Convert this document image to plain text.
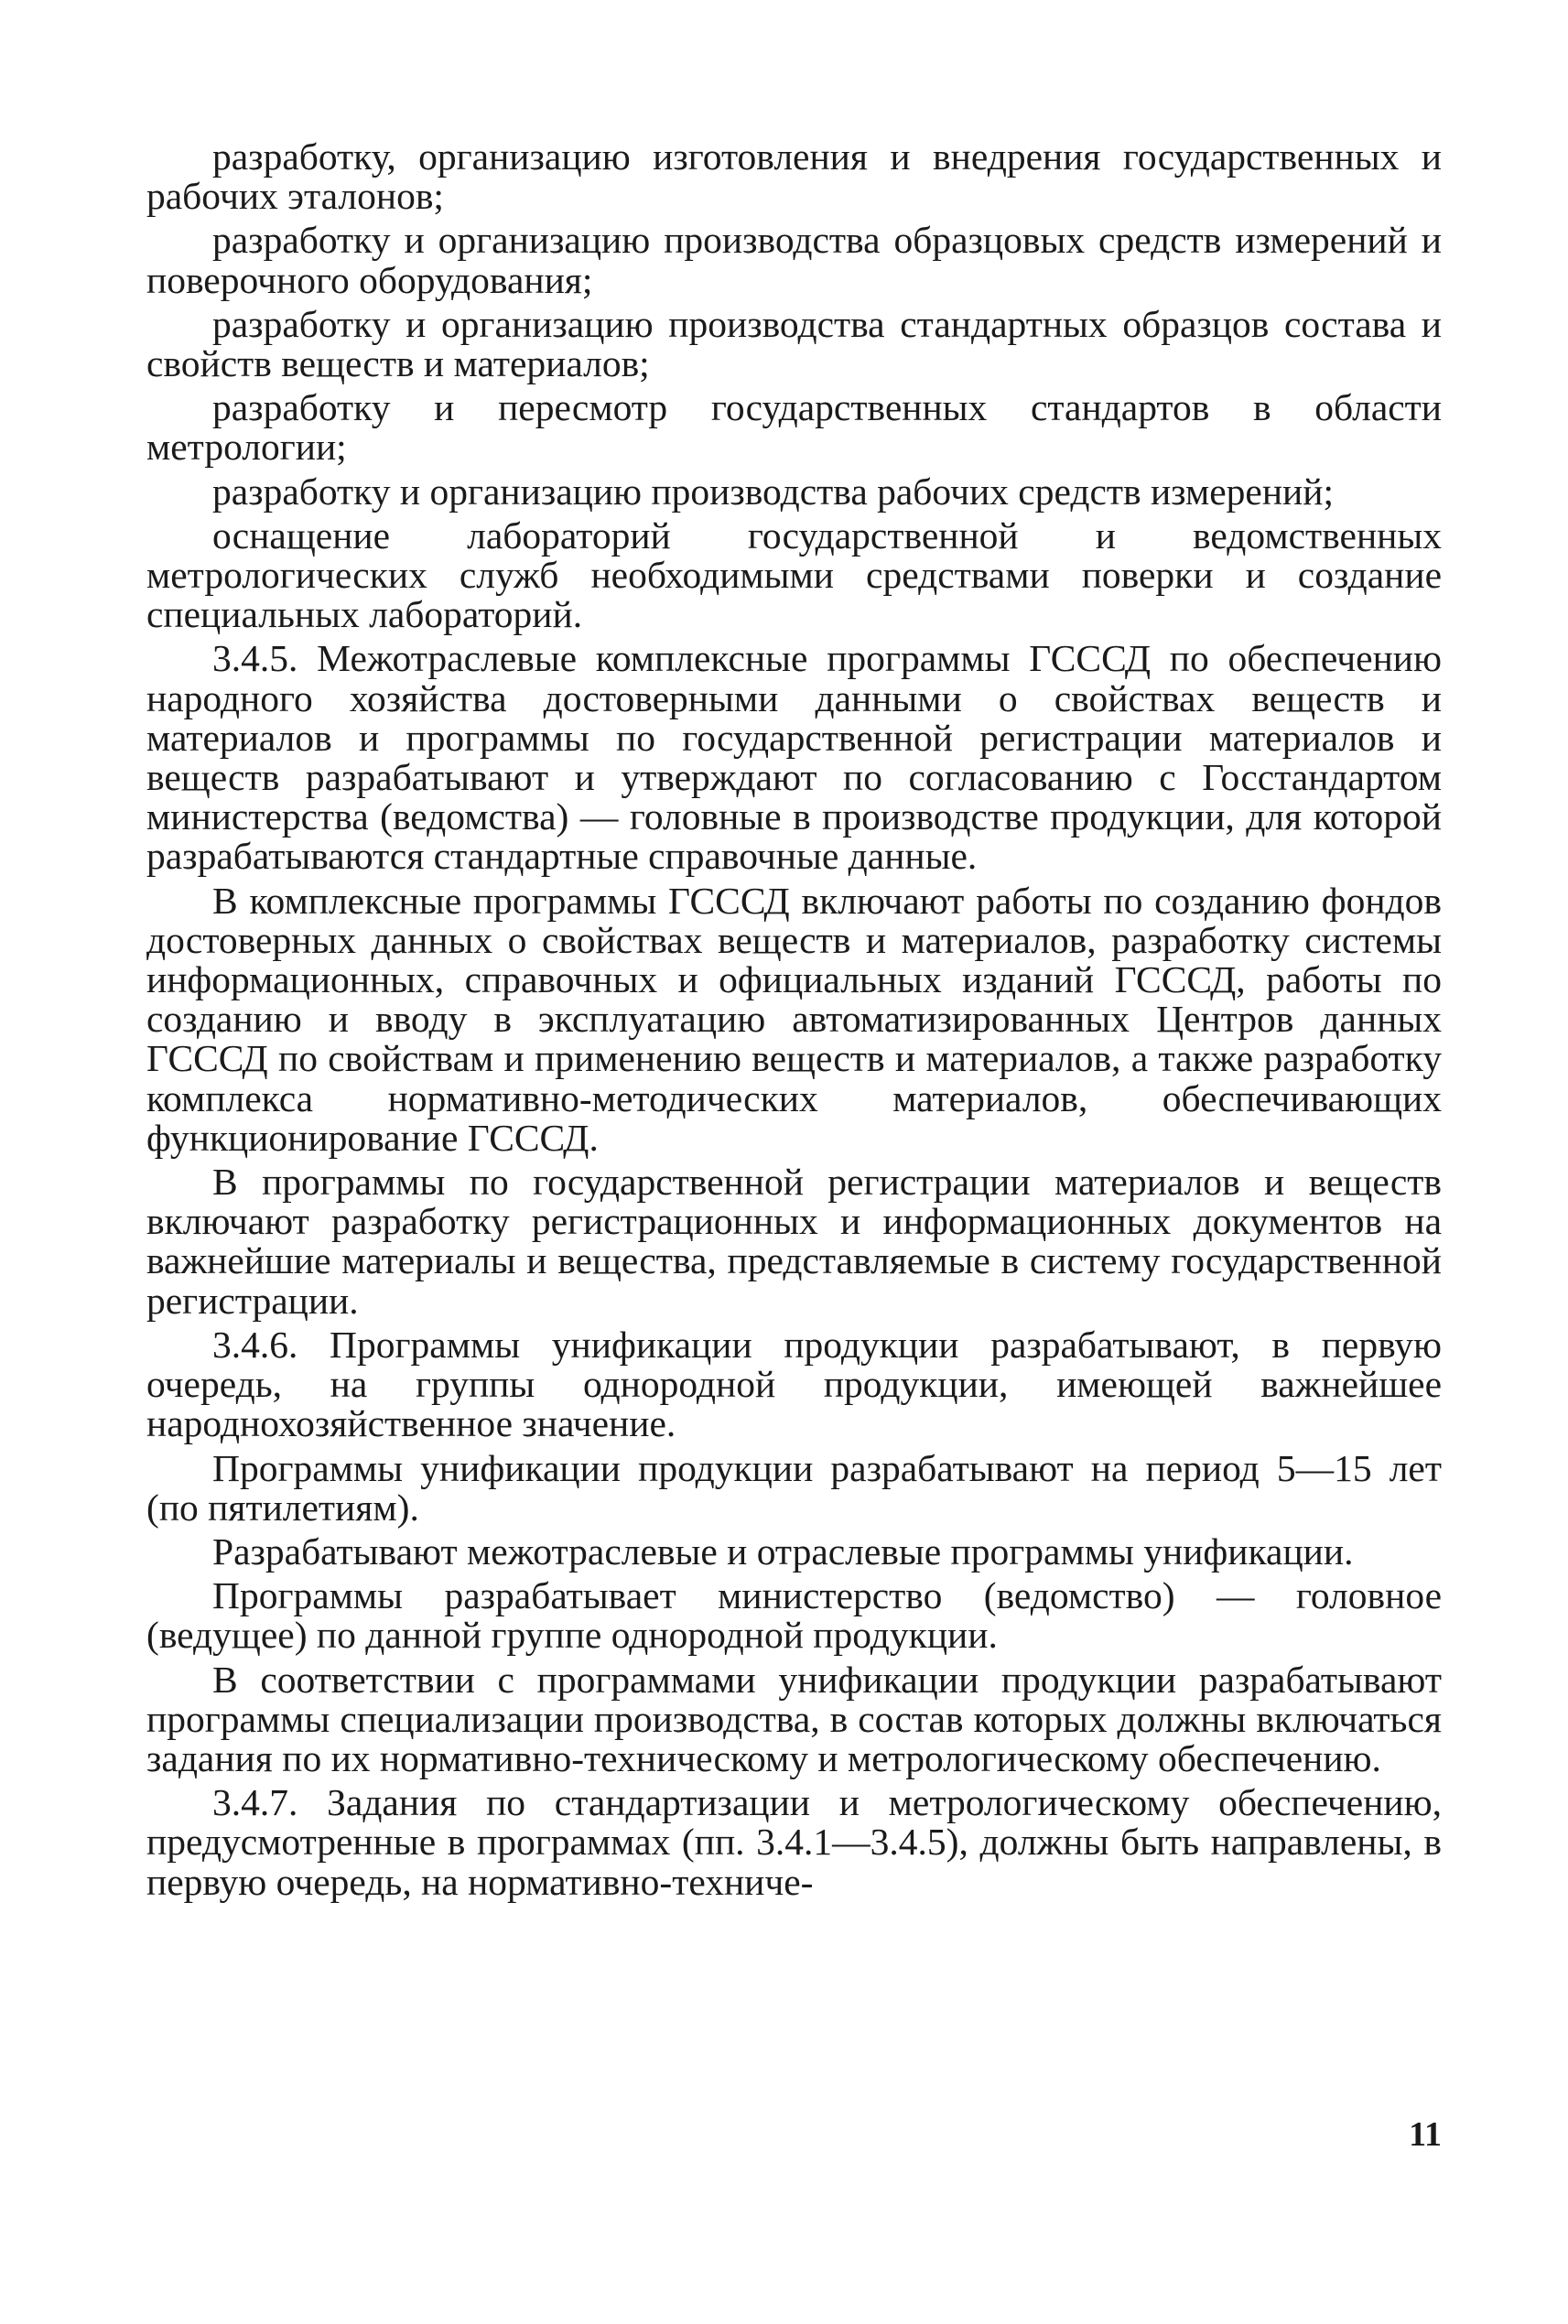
разработку, организацию изготовления и внедрения государственных и рабочих эталонов;

разработку и организацию производства образцовых средств измерений и поверочного оборудования;

разработку и организацию производства стандартных образцов состава и свойств веществ и материалов;

разработку и пересмотр государственных стандартов в области метрологии;

разработку и организацию производства рабочих средств измерений;

оснащение лабораторий государственной и ведомственных метрологических служб необходимыми средствами поверки и создание специальных лабораторий.

3.4.5. Межотраслевые комплексные программы ГСССД по обеспечению народного хозяйства достоверными данными о свойствах веществ и материалов и программы по государственной регистрации материалов и веществ разрабатывают и утверждают по согласованию с Госстандартом министерства (ведомства) — головные в производстве продукции, для которой разрабатываются стандартные справочные данные.

В комплексные программы ГСССД включают работы по созданию фондов достоверных данных о свойствах веществ и материалов, разработку системы информационных, справочных и официальных изданий ГСССД, работы по созданию и вводу в эксплуатацию автоматизированных Центров данных ГСССД по свойствам и применению веществ и материалов, а также разработку комплекса нормативно-методических материалов, обеспечивающих функционирование ГСССД.

В программы по государственной регистрации материалов и веществ включают разработку регистрационных и информационных документов на важнейшие материалы и вещества, представляемые в систему государственной регистрации.

3.4.6. Программы унификации продукции разрабатывают, в первую очередь, на группы однородной продукции, имеющей важнейшее народнохозяйственное значение.

Программы унификации продукции разрабатывают на период 5—15 лет (по пятилетиям).

Разрабатывают межотраслевые и отраслевые программы унификации.

Программы разрабатывает министерство (ведомство) — головное (ведущее) по данной группе однородной продукции.

В соответствии с программами унификации продукции разрабатывают программы специализации производства, в состав которых должны включаться задания по их нормативно-техническому и метрологическому обеспечению.

3.4.7. Задания по стандартизации и метрологическому обеспечению, предусмотренные в программах (пп. 3.4.1—3.4.5), должны быть направлены, в первую очередь, на нормативно-техниче-

11
